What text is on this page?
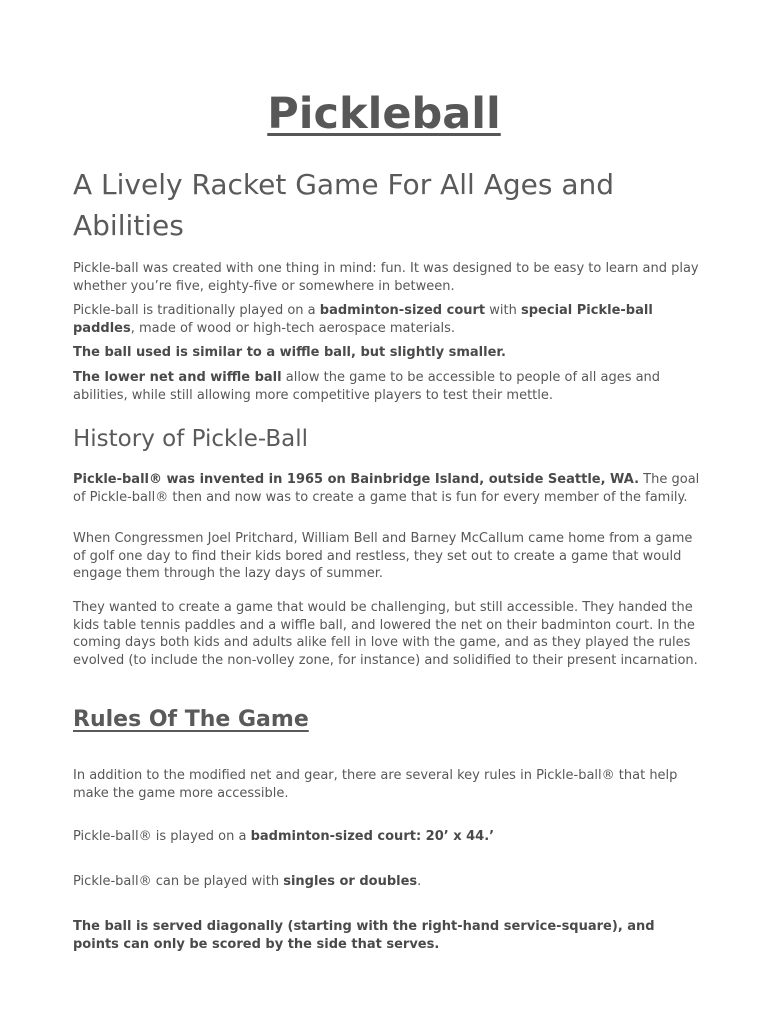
Pickleball
A Lively Racket Game For All Ages and Abilities

Pickle-ball was created with one thing in mind: fun. It was designed to be easy to learn and play whether you’re five, eighty-five or somewhere in between.

Pickle-ball is traditionally played on a badminton-sized court with special Pickle-ball paddles, made of wood or high-tech aerospace materials.

The ball used is similar to a wiffle ball, but slightly smaller.

The lower net and wiffle ball allow the game to be accessible to people of all ages and abilities, while still allowing more competitive players to test their mettle.

History of Pickle-Ball

Pickle-ball® was invented in 1965 on Bainbridge Island, outside Seattle, WA. The goal of Pickle-ball® then and now was to create a game that is fun for every member of the family.

When Congressmen Joel Pritchard, William Bell and Barney McCallum came home from a game of golf one day to find their kids bored and restless, they set out to create a game that would engage them through the lazy days of summer.

They wanted to create a game that would be challenging, but still accessible. They handed the kids table tennis paddles and a wiffle ball, and lowered the net on their badminton court. In the coming days both kids and adults alike fell in love with the game, and as they played the rules evolved (to include the non-volley zone, for instance) and solidified to their present incarnation.

Rules Of The Game

In addition to the modified net and gear, there are several key rules in Pickle-ball® that help make the game more accessible.

Pickle-ball® is played on a badminton-sized court: 20’ x 44.’

Pickle-ball® can be played with singles or doubles.

The ball is served diagonally (starting with the right-hand service-square), and points can only be scored by the side that serves.
